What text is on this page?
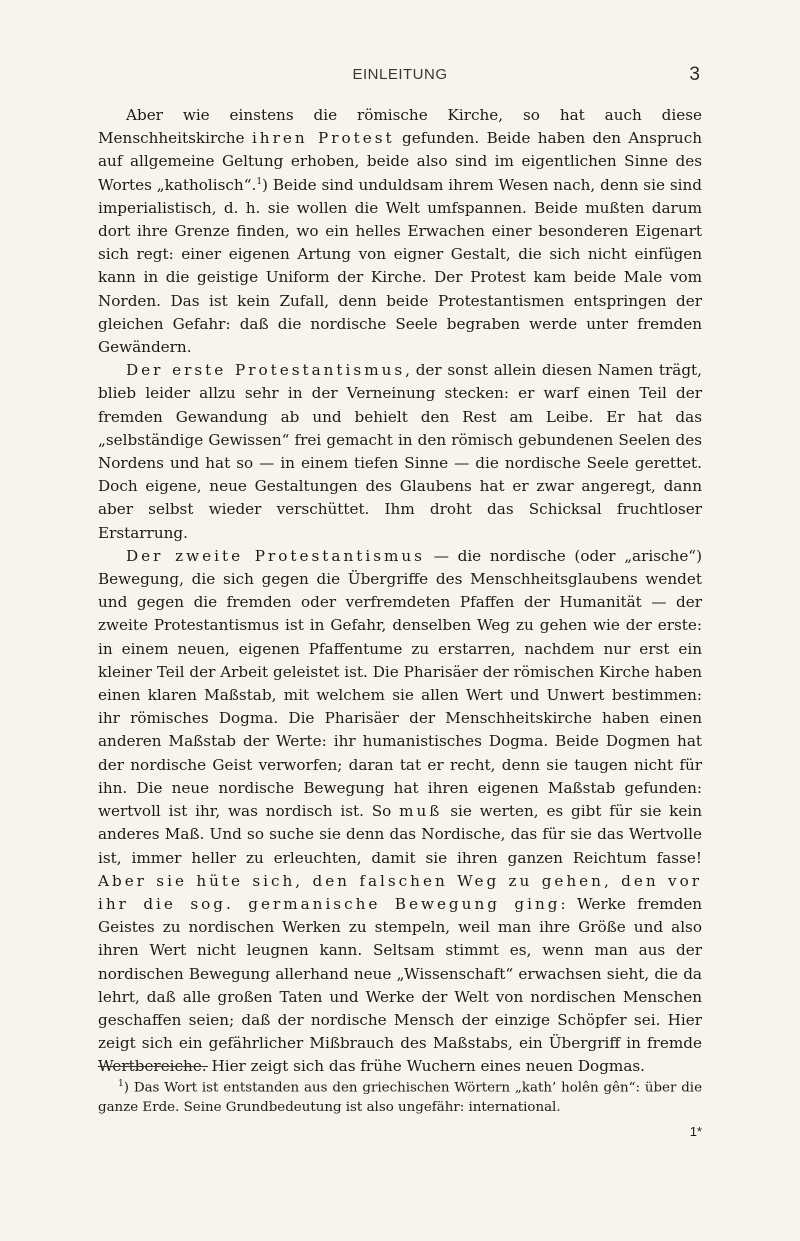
EINLEITUNG	3

Aber wie einstens die römische Kirche, so hat auch diese Menschheitskirche ihren Protest gefunden. Beide haben den Anspruch auf allgemeine Geltung erhoben, beide also sind im eigentlichen Sinne des Wortes „katholisch“.$^1$) Beide sind unduldsam ihrem Wesen nach, denn sie sind imperialistisch, d. h. sie wollen die Welt umfspannen. Beide mußten darum dort ihre Grenze finden, wo ein helles Erwachen einer besonderen Eigenart sich regt: einer eigenen Artung von eigner Gestalt, die sich nicht einfügen kann in die geistige Uniform der Kirche. Der Protest kam beide Male vom Norden. Das ist kein Zufall, denn beide Protestantismen entspringen der gleichen Gefahr: daß die nordische Seele begraben werde unter fremden Gewändern.

Der erste Protestantismus, der sonst allein diesen Namen trägt, blieb leider allzu sehr in der Verneinung stecken: er warf einen Teil der fremden Gewandung ab und behielt den Rest am Leibe. Er hat das „selbständige Gewissen“ frei gemacht in den römisch gebundenen Seelen des Nordens und hat so — in einem tiefen Sinne — die nordische Seele gerettet. Doch eigene, neue Gestaltungen des Glaubens hat er zwar angeregt, dann aber selbst wieder verschüttet. Ihm droht das Schicksal fruchtloser Erstarrung.

Der zweite Protestantismus — die nordische (oder „arische“) Bewegung, die sich gegen die Übergriffe des Menschheitsglaubens wendet und gegen die fremden oder verfremdeten Pfaffen der Humanität — der zweite Protestantismus ist in Gefahr, denselben Weg zu gehen wie der erste: in einem neuen, eigenen Pfaffentume zu erstarren, nachdem nur erst ein kleiner Teil der Arbeit geleistet ist. Die Pharisäer der römischen Kirche haben einen klaren Maßstab, mit welchem sie allen Wert und Unwert bestimmen: ihr römisches Dogma. Die Pharisäer der Menschheitskirche haben einen anderen Maßstab der Werte: ihr humanistisches Dogma. Beide Dogmen hat der nordische Geist verworfen; daran tat er recht, denn sie taugen nicht für ihn. Die neue nordische Bewegung hat ihren eigenen Maßstab gefunden: wertvoll ist ihr, was nordisch ist. So muß sie werten, es gibt für sie kein anderes Maß. Und so suche sie denn das Nordische, das für sie das Wertvolle ist, immer heller zu erleuchten, damit sie ihren ganzen Reichtum fasse! Aber sie hüte sich, den falschen Weg zu gehen, den vor ihr die sog. germanische Bewegung ging: Werke fremden Geistes zu nordischen Werken zu stempeln, weil man ihre Größe und also ihren Wert nicht leugnen kann. Seltsam stimmt es, wenn man aus der nordischen Bewegung allerhand neue „Wissenschaft“ erwachsen sieht, die da lehrt, daß alle großen Taten und Werke der Welt von nordischen Menschen geschaffen seien; daß der nordische Mensch der einzige Schöpfer sei. Hier zeigt sich ein gefährlicher Mißbrauch des Maßstabs, ein Übergriff in fremde Wertbereiche. Hier zeigt sich das frühe Wuchern eines neuen Dogmas.

$^1$) Das Wort ist entstanden aus den griechischen Wörtern „kath’ holên gên“: über die ganze Erde. Seine Grundbedeutung ist also ungefähr: international.
1*
